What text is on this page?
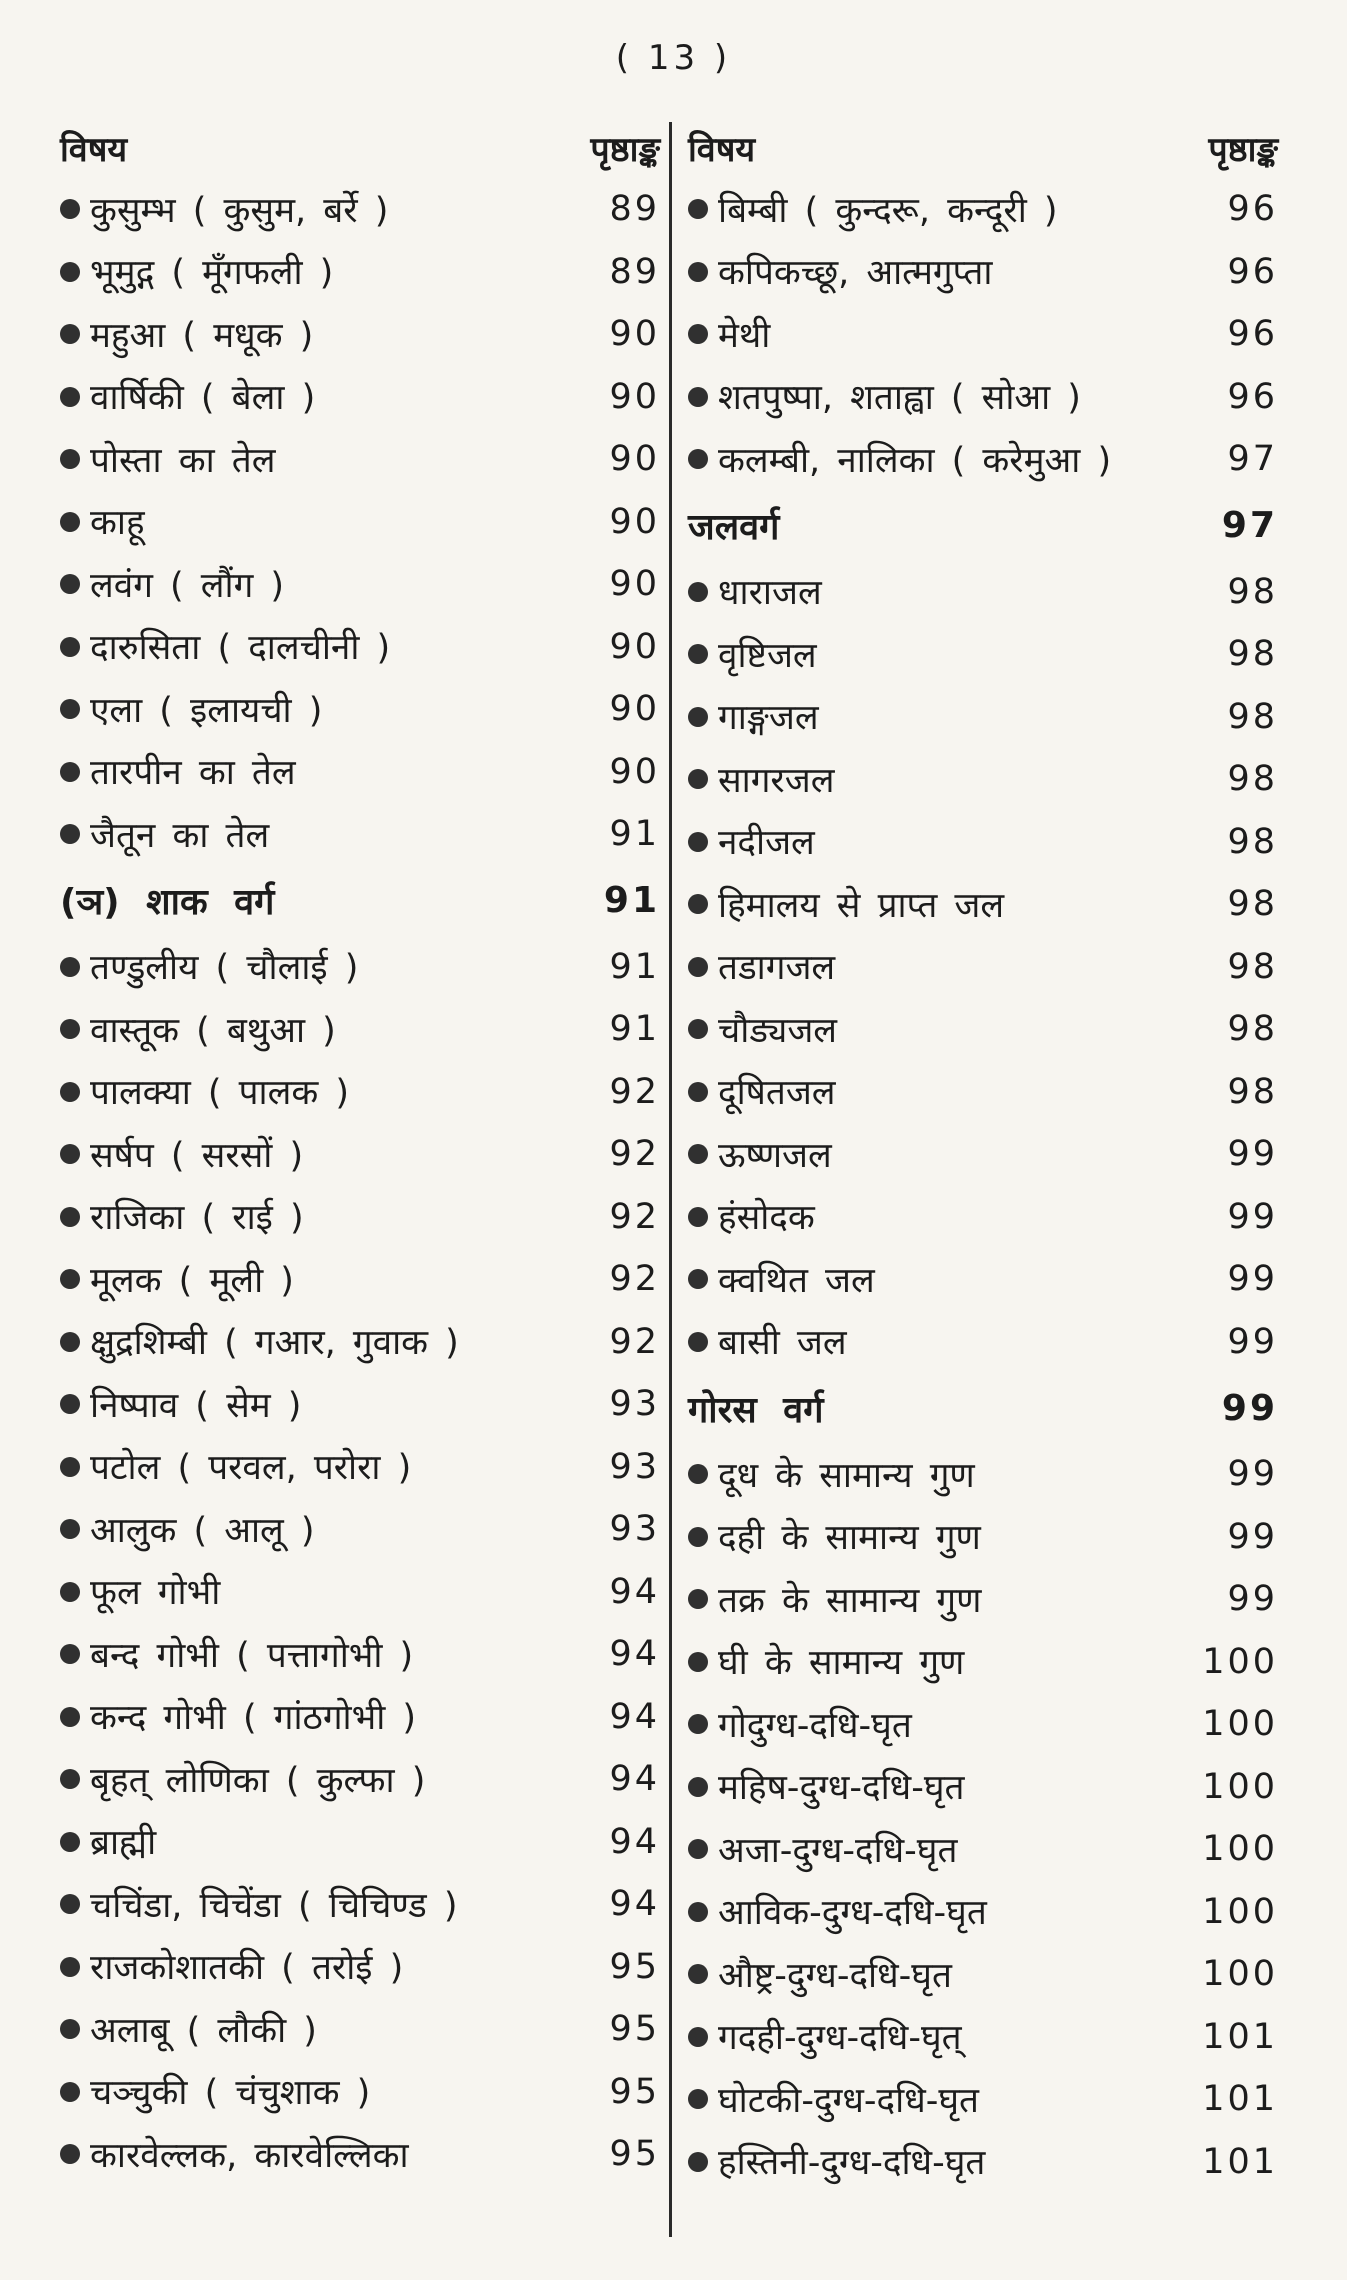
( 13 )
विषय	पृष्ठाङ्क
कुसुम्भ ( कुसुम, बर्रे )	89
भूमुद्ग ( मूँगफली )	89
महुआ ( मधूक )	90
वार्षिकी ( बेला )	90
पोस्ता का तेल	90
काहू	90
लवंग ( लौंग )	90
दारुसिता ( दालचीनी )	90
एला ( इलायची )	90
तारपीन का तेल	90
जैतून का तेल	91
(ञ) शाक वर्ग	91
तण्डुलीय ( चौलाई )	91
वास्तूक ( बथुआ )	91
पालक्या ( पालक )	92
सर्षप ( सरसों )	92
राजिका ( राई )	92
मूलक ( मूली )	92
क्षुद्रशिम्बी ( गआर, गुवाक )	92
निष्पाव ( सेम )	93
पटोल ( परवल, परोरा )	93
आलुक ( आलू )	93
फूल गोभी	94
बन्द गोभी ( पत्तागोभी )	94
कन्द गोभी ( गांठगोभी )	94
बृहत् लोणिका ( कुल्फा )	94
ब्राह्मी	94
चचिंडा, चिचेंडा ( चिचिण्ड )	94
राजकोशातकी ( तरोई )	95
अलाबू ( लौकी )	95
चञ्चुकी ( चंचुशाक )	95
कारवेल्लक, कारवेल्लिका	95
विषय	पृष्ठाङ्क
बिम्बी ( कुन्दरू, कन्दूरी )	96
कपिकच्छू, आत्मगुप्ता	96
मेथी	96
शतपुष्पा, शताह्वा ( सोआ )	96
कलम्बी, नालिका ( करेमुआ )	97
जलवर्ग	97
धाराजल	98
वृष्टिजल	98
गाङ्गजल	98
सागरजल	98
नदीजल	98
हिमालय से प्राप्त जल	98
तडागजल	98
चौड्यजल	98
दूषितजल	98
ऊष्णजल	99
हंसोदक	99
क्वथित जल	99
बासी जल	99
गोरस वर्ग	99
दूध के सामान्य गुण	99
दही के सामान्य गुण	99
तक्र के सामान्य गुण	99
घी के सामान्य गुण	100
गोदुग्ध-दधि-घृत	100
महिष-दुग्ध-दधि-घृत	100
अजा-दुग्ध-दधि-घृत	100
आविक-दुग्ध-दधि-घृत	100
औष्ट्र-दुग्ध-दधि-घृत	100
गदही-दुग्ध-दधि-घृत्	101
घोटकी-दुग्ध-दधि-घृत	101
हस्तिनी-दुग्ध-दधि-घृत	101
